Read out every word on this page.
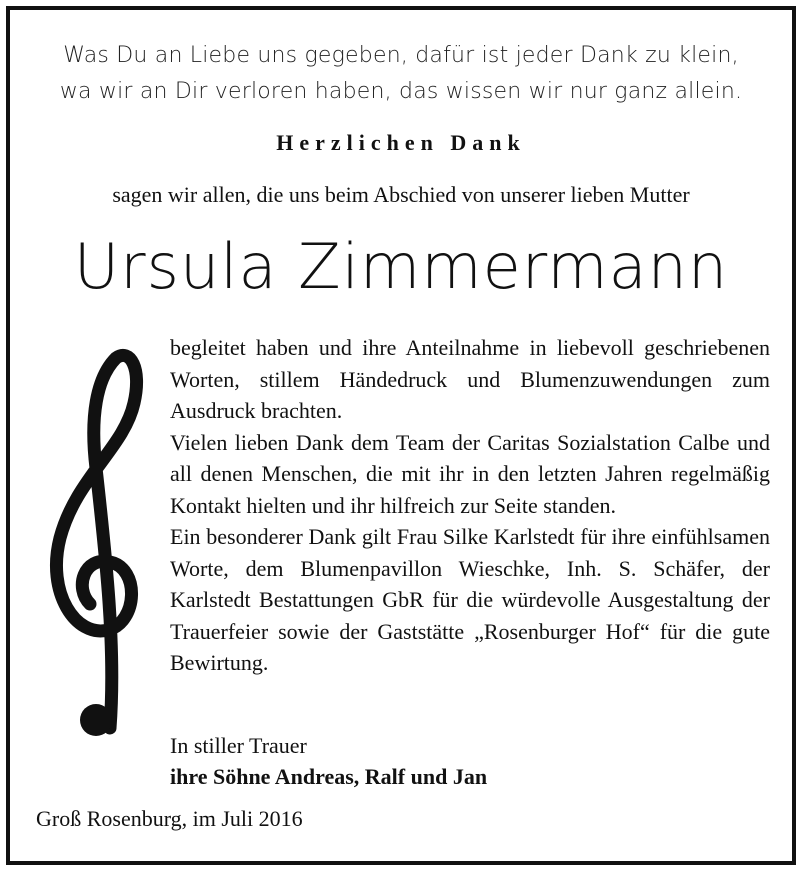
Was Du an Liebe uns gegeben, dafür ist jeder Dank zu klein,
wa wir an Dir verloren haben, das wissen wir nur ganz allein.
Herzlichen Dank
sagen wir allen, die uns beim Abschied von unserer lieben Mutter
Ursula Zimmermann

begleitet haben und ihre Anteilnahme in liebevoll geschriebenen Worten, stillem Händedruck und Blumenzuwendungen zum Ausdruck brachten.

Vielen lieben Dank dem Team der Caritas Sozialstation Calbe und all denen Menschen, die mit ihr in den letzten Jahren regelmäßig Kontakt hielten und ihr hilfreich zur Seite standen.

Ein besonderer Dank gilt Frau Silke Karlstedt für ihre einfühlsamen Worte, dem Blumenpavillon Wieschke, Inh. S. Schäfer, der Karlstedt Bestattungen GbR für die würdevolle Ausgestaltung der Trauerfeier sowie der Gaststätte „Rosenburger Hof“ für die gute Bewirtung.

In stiller Trauer
ihre Söhne Andreas, Ralf und Jan
Groß Rosenburg, im Juli 2016
